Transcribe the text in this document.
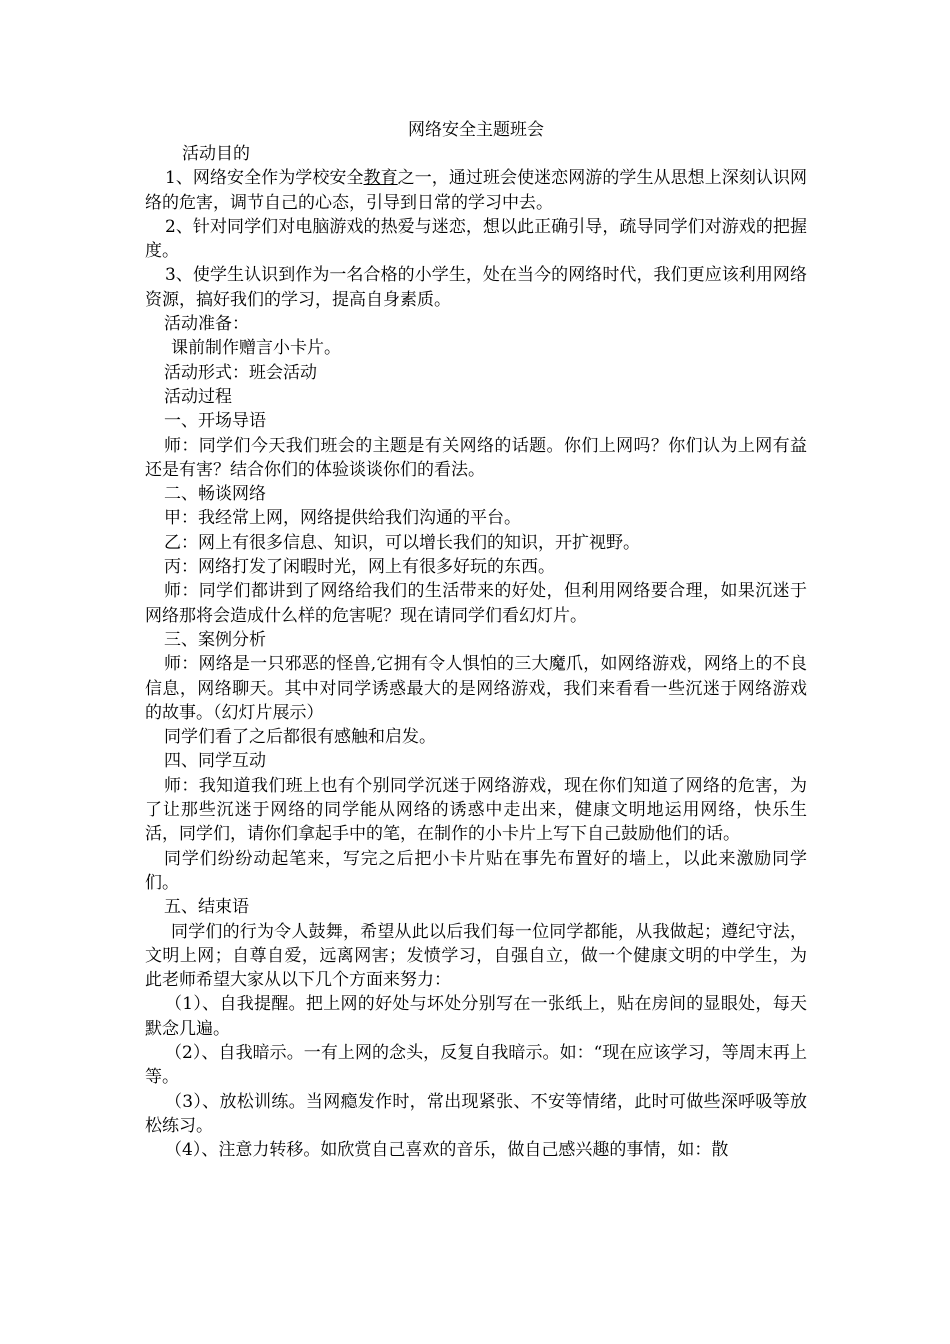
网络安全主题班会
活动目的
1、网络安全作为学校安全教育之一，通过班会使迷恋网游的学生从思想上深刻认识网络的危害，调节自己的心态，引导到日常的学习中去。
2、针对同学们对电脑游戏的热爱与迷恋，想以此正确引导，疏导同学们对游戏的把握度。
3、使学生认识到作为一名合格的小学生，处在当今的网络时代，我们更应该利用网络资源，搞好我们的学习，提高自身素质。
活动准备：
课前制作赠言小卡片。
活动形式：班会活动
活动过程
一、开场导语
师：同学们今天我们班会的主题是有关网络的话题。你们上网吗？你们认为上网有益还是有害？结合你们的体验谈谈你们的看法。
二、畅谈网络
甲：我经常上网，网络提供给我们沟通的平台。
乙：网上有很多信息、知识，可以增长我们的知识，开扩视野。
丙：网络打发了闲暇时光，网上有很多好玩的东西。
师：同学们都讲到了网络给我们的生活带来的好处，但利用网络要合理，如果沉迷于网络那将会造成什么样的危害呢？现在请同学们看幻灯片。
三、案例分析
师：网络是一只邪恶的怪兽,它拥有令人惧怕的三大魔爪，如网络游戏，网络上的不良信息，网络聊天。其中对同学诱惑最大的是网络游戏，我们来看看一些沉迷于网络游戏的故事。（幻灯片展示）
同学们看了之后都很有感触和启发。
四、同学互动
师：我知道我们班上也有个别同学沉迷于网络游戏，现在你们知道了网络的危害，为了让那些沉迷于网络的同学能从网络的诱惑中走出来，健康文明地运用网络，快乐生活，同学们，请你们拿起手中的笔，在制作的小卡片上写下自己鼓励他们的话。
同学们纷纷动起笔来，写完之后把小卡片贴在事先布置好的墙上，以此来激励同学们。
五、结束语
同学们的行为令人鼓舞，希望从此以后我们每一位同学都能，从我做起；遵纪守法，文明上网；自尊自爱，远离网害；发愤学习，自强自立，做一个健康文明的中学生，为此老师希望大家从以下几个方面来努力：
（1）、自我提醒。把上网的好处与坏处分别写在一张纸上，贴在房间的显眼处，每天默念几遍。
（2）、自我暗示。一有上网的念头，反复自我暗示。如：“现在应该学习，等周末再上等。
（3）、放松训练。当网瘾发作时，常出现紧张、不安等情绪，此时可做些深呼吸等放松练习。
（4）、注意力转移。如欣赏自己喜欢的音乐，做自己感兴趣的事情，如：散
